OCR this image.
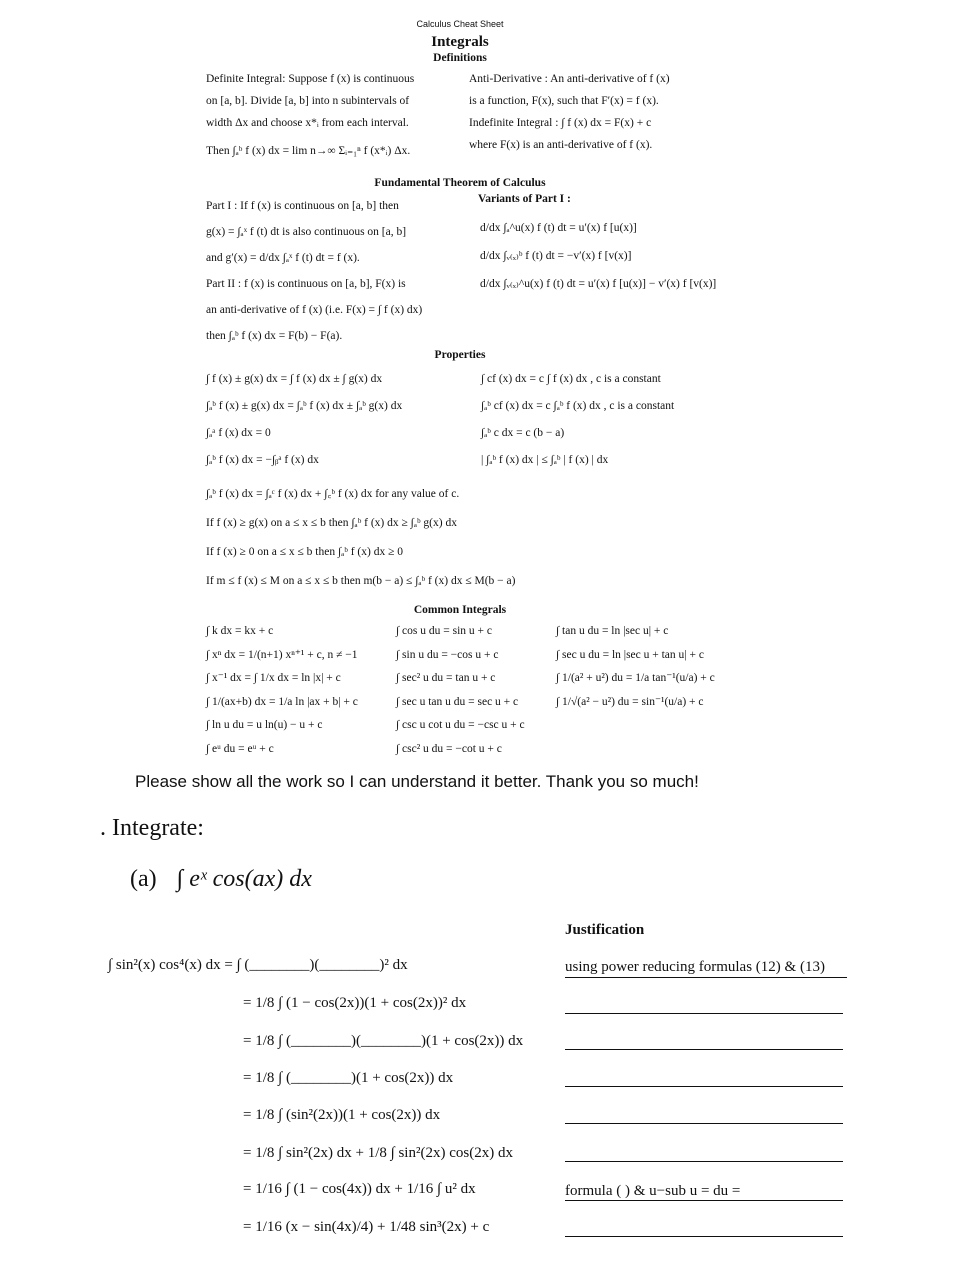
Calculus Cheat Sheet
Integrals
Definitions
Definite Integral: Suppose f (x) is continuous
on [a, b]. Divide [a, b] into n subintervals of
width Δx and choose x*ᵢ from each interval.
Then ∫ₐᵇ f (x) dx = lim n→∞ Σᵢ₌₁ⁿ f (x*ᵢ) Δx.
Anti-Derivative : An anti-derivative of f (x)
is a function, F(x), such that F′(x) = f (x).
Indefinite Integral : ∫ f (x) dx = F(x) + c
where F(x) is an anti-derivative of f (x).
Fundamental Theorem of Calculus
Part I : If f (x) is continuous on [a, b] then
g(x) = ∫ₐˣ f (t) dt is also continuous on [a, b]
and g′(x) = d/dx ∫ₐˣ f (t) dt = f (x).
Part II : f (x) is continuous on [a, b], F(x) is
an anti-derivative of f (x) (i.e. F(x) = ∫ f (x) dx)
then ∫ₐᵇ f (x) dx = F(b) − F(a).
Variants of Part I :
d/dx ∫ₐ^u(x) f (t) dt = u′(x) f [u(x)]
d/dx ∫ᵥ₍ₓ₎ᵇ f (t) dt = −v′(x) f [v(x)]
d/dx ∫ᵥ₍ₓ₎^u(x) f (t) dt = u′(x) f [u(x)] − v′(x) f [v(x)]
Properties
∫ f (x) ± g(x) dx = ∫ f (x) dx ± ∫ g(x) dx
∫ₐᵇ f (x) ± g(x) dx = ∫ₐᵇ f (x) dx ± ∫ₐᵇ g(x) dx
∫ₐᵃ f (x) dx = 0
∫ₐᵇ f (x) dx = −∫ᵦᵃ f (x) dx
∫ cf (x) dx = c ∫ f (x) dx , c is a constant
∫ₐᵇ cf (x) dx = c ∫ₐᵇ f (x) dx , c is a constant
∫ₐᵇ c dx = c (b − a)
| ∫ₐᵇ f (x) dx | ≤ ∫ₐᵇ | f (x) | dx
∫ₐᵇ f (x) dx = ∫ₐᶜ f (x) dx + ∫꜀ᵇ f (x) dx for any value of c.
If f (x) ≥ g(x) on a ≤ x ≤ b then ∫ₐᵇ f (x) dx ≥ ∫ₐᵇ g(x) dx
If f (x) ≥ 0 on a ≤ x ≤ b then ∫ₐᵇ f (x) dx ≥ 0
If m ≤ f (x) ≤ M on a ≤ x ≤ b then m(b − a) ≤ ∫ₐᵇ f (x) dx ≤ M(b − a)
Common Integrals
∫ k dx = kx + c
∫ xⁿ dx = 1/(n+1) xⁿ⁺¹ + c, n ≠ −1
∫ x⁻¹ dx = ∫ 1/x dx = ln |x| + c
∫ 1/(ax+b) dx = 1/a ln |ax + b| + c
∫ ln u du = u ln(u) − u + c
∫ eᵘ du = eᵘ + c
∫ cos u du = sin u + c
∫ sin u du = −cos u + c
∫ sec² u du = tan u + c
∫ sec u tan u du = sec u + c
∫ csc u cot u du = −csc u + c
∫ csc² u du = −cot u + c
∫ tan u du = ln |sec u| + c
∫ sec u du = ln |sec u + tan u| + c
∫ 1/(a² + u²) du = 1/a tan⁻¹(u/a) + c
∫ 1/√(a² − u²) du = sin⁻¹(u/a) + c
Please show all the work so I can understand it better. Thank you so much!
. Integrate:
(a) ∫ eˣ cos(ax) dx
Justification
∫ sin²(x) cos⁴(x) dx = ∫ (________)(________)² dx
= 1/8 ∫ (1 − cos(2x))(1 + cos(2x))² dx
= 1/8 ∫ (________)(________)(1 + cos(2x)) dx
= 1/8 ∫ (________)(1 + cos(2x)) dx
= 1/8 ∫ (sin²(2x))(1 + cos(2x)) dx
= 1/8 ∫ sin²(2x) dx + 1/8 ∫ sin²(2x) cos(2x) dx
= 1/16 ∫ (1 − cos(4x)) dx + 1/16 ∫ u² dx
= 1/16 (x − sin(4x)/4) + 1/48 sin³(2x) + c
using power reducing formulas (12) & (13)
formula ( ) & u−sub u = du =
